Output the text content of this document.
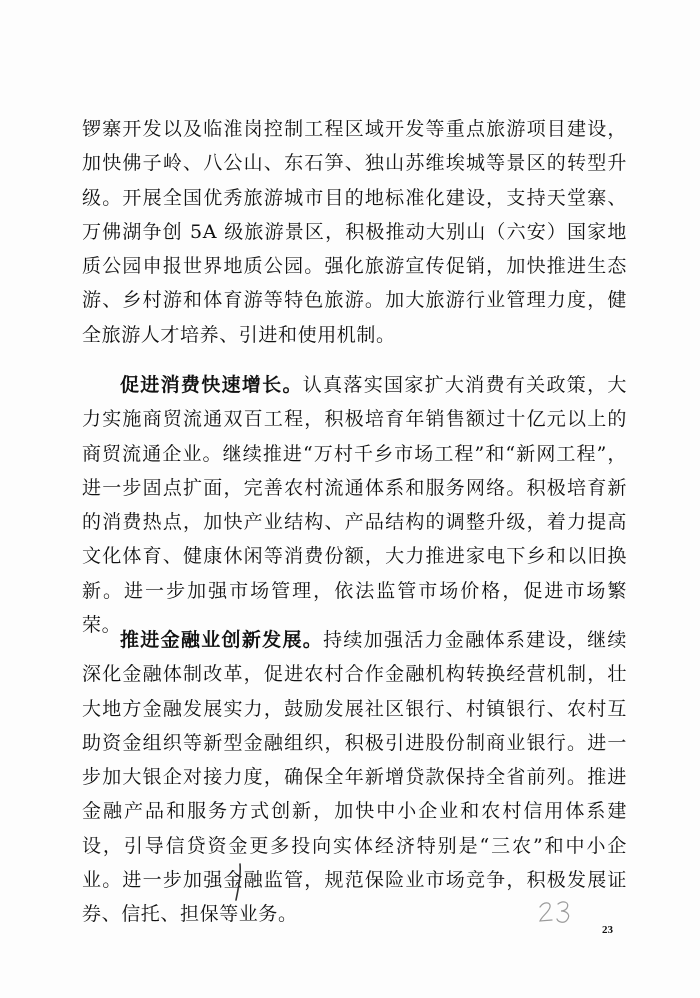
锣寨开发以及临淮岗控制工程区域开发等重点旅游项目建设，加快佛子岭、八公山、东石笋、独山苏维埃城等景区的转型升级。开展全国优秀旅游城市目的地标准化建设，支持天堂寨、万佛湖争创 5A 级旅游景区，积极推动大别山（六安）国家地质公园申报世界地质公园。强化旅游宣传促销，加快推进生态游、乡村游和体育游等特色旅游。加大旅游行业管理力度，健全旅游人才培养、引进和使用机制。

促进消费快速增长。认真落实国家扩大消费有关政策，大力实施商贸流通双百工程，积极培育年销售额过十亿元以上的商贸流通企业。继续推进“万村千乡市场工程”和“新网工程”，进一步固点扩面，完善农村流通体系和服务网络。积极培育新的消费热点，加快产业结构、产品结构的调整升级，着力提高文化体育、健康休闲等消费份额，大力推进家电下乡和以旧换新。进一步加强市场管理，依法监管市场价格，促进市场繁荣。

推进金融业创新发展。持续加强活力金融体系建设，继续深化金融体制改革，促进农村合作金融机构转换经营机制，壮大地方金融发展实力，鼓励发展社区银行、村镇银行、农村互助资金组织等新型金融组织，积极引进股份制商业银行。进一步加大银企对接力度，确保全年新增贷款保持全省前列。推进金融产品和服务方式创新，加快中小企业和农村信用体系建设，引导信贷资金更多投向实体经济特别是“三农”和中小企业。进一步加强金融监管，规范保险业市场竞争，积极发展证券、信托、担保等业务。

23
